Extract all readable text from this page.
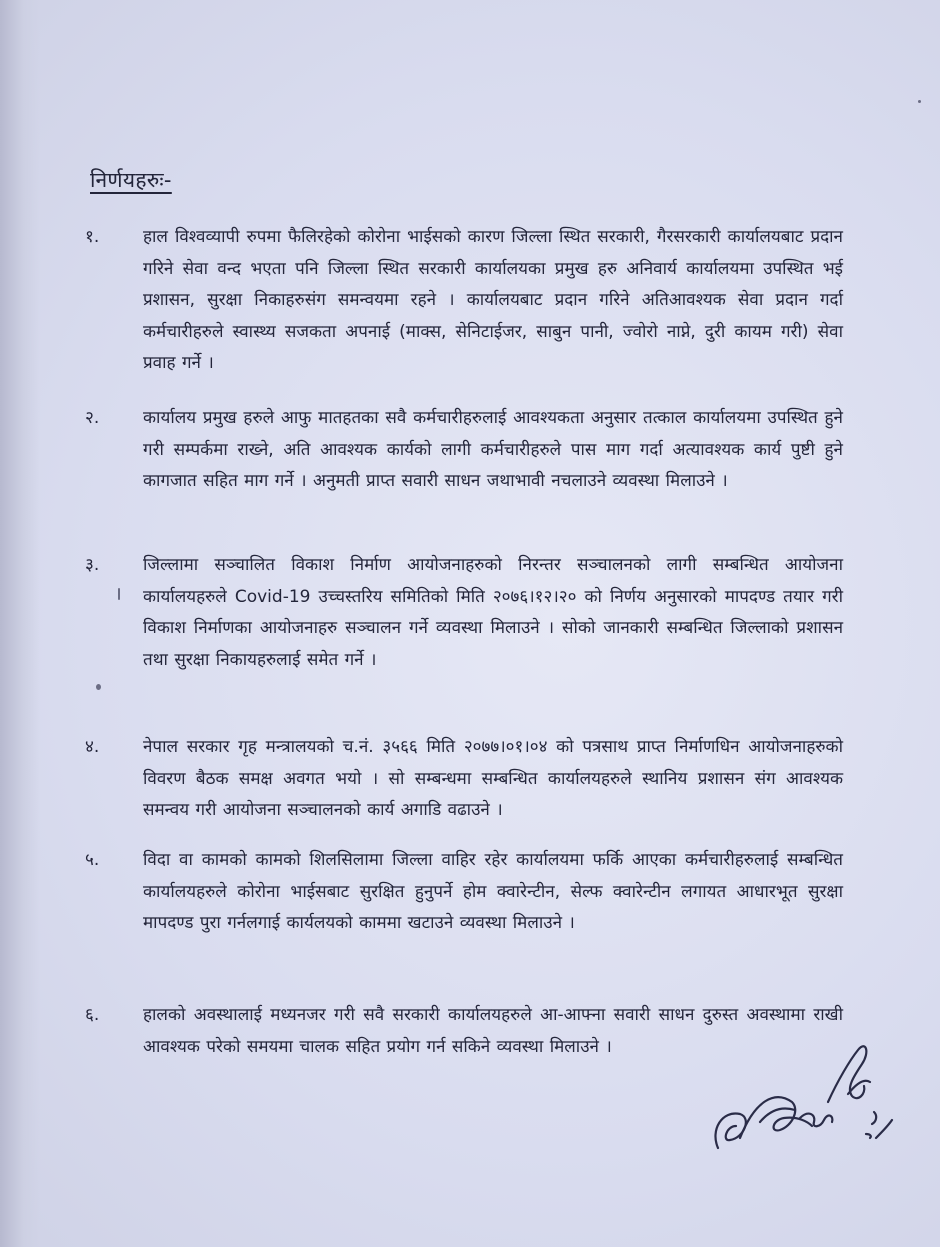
निर्णयहरुः-
१.	हाल विश्वव्यापी रुपमा फैलिरहेको कोरोना भाईसको कारण जिल्ला स्थित सरकारी, गैरसरकारी कार्यालयबाट प्रदान गरिने सेवा वन्द भएता पनि जिल्ला स्थित सरकारी कार्यालयका प्रमुख हरु अनिवार्य कार्यालयमा उपस्थित भई प्रशासन, सुरक्षा निकाहरुसंग समन्वयमा रहने । कार्यालयबाट प्रदान गरिने अतिआवश्यक सेवा प्रदान गर्दा कर्मचारीहरुले स्वास्थ्य सजकता अपनाई (माक्स, सेनिटाईजर, साबुन पानी, ज्वोरो नाप्ने, दुरी कायम गरी) सेवा प्रवाह गर्ने ।
२.	कार्यालय प्रमुख हरुले आफु मातहतका सवै कर्मचारीहरुलाई आवश्यकता अनुसार तत्काल कार्यालयमा उपस्थित हुने गरी सम्पर्कमा राख्ने, अति आवश्यक कार्यको लागी कर्मचारीहरुले पास माग गर्दा अत्यावश्यक कार्य पुष्टी हुने कागजात सहित माग गर्ने । अनुमती प्राप्त सवारी साधन जथाभावी नचलाउने व्यवस्था मिलाउने ।
३.	जिल्लामा सञ्चालित विकाश निर्माण आयोजनाहरुको निरन्तर सञ्चालनको लागी सम्बन्धित आयोजना कार्यालयहरुले Covid-19 उच्चस्तरिय समितिको मिति २०७६।१२।२० को निर्णय अनुसारको मापदण्ड तयार गरी विकाश निर्माणका आयोजनाहरु सञ्चालन गर्ने व्यवस्था मिलाउने । सोको जानकारी सम्बन्धित जिल्लाको प्रशासन तथा सुरक्षा निकायहरुलाई समेत गर्ने ।
४.	नेपाल सरकार गृह मन्त्रालयको च.नं. ३५६६ मिति २०७७।०१।०४ को पत्रसाथ प्राप्त निर्माणधिन आयोजनाहरुको विवरण बैठक समक्ष अवगत भयो । सो सम्बन्धमा सम्बन्धित कार्यालयहरुले स्थानिय प्रशासन संग आवश्यक समन्वय गरी आयोजना सञ्चालनको कार्य अगाडि वढाउने ।
५.	विदा वा कामको कामको शिलसिलामा जिल्ला वाहिर रहेर कार्यालयमा फर्कि आएका कर्मचारीहरुलाई सम्बन्धित कार्यालयहरुले कोरोना भाईसबाट सुरक्षित हुनुपर्ने होम क्वारेन्टीन, सेल्फ क्वारेन्टीन लगायत आधारभूत सुरक्षा मापदण्ड पुरा गर्नलगाई कार्यलयको काममा खटाउने व्यवस्था मिलाउने ।
६.	हालको अवस्थालाई मध्यनजर गरी सवै सरकारी कार्यालयहरुले आ-आफ्ना सवारी साधन दुरुस्त अवस्थामा राखी आवश्यक परेको समयमा चालक सहित प्रयोग गर्न सकिने व्यवस्था मिलाउने ।
